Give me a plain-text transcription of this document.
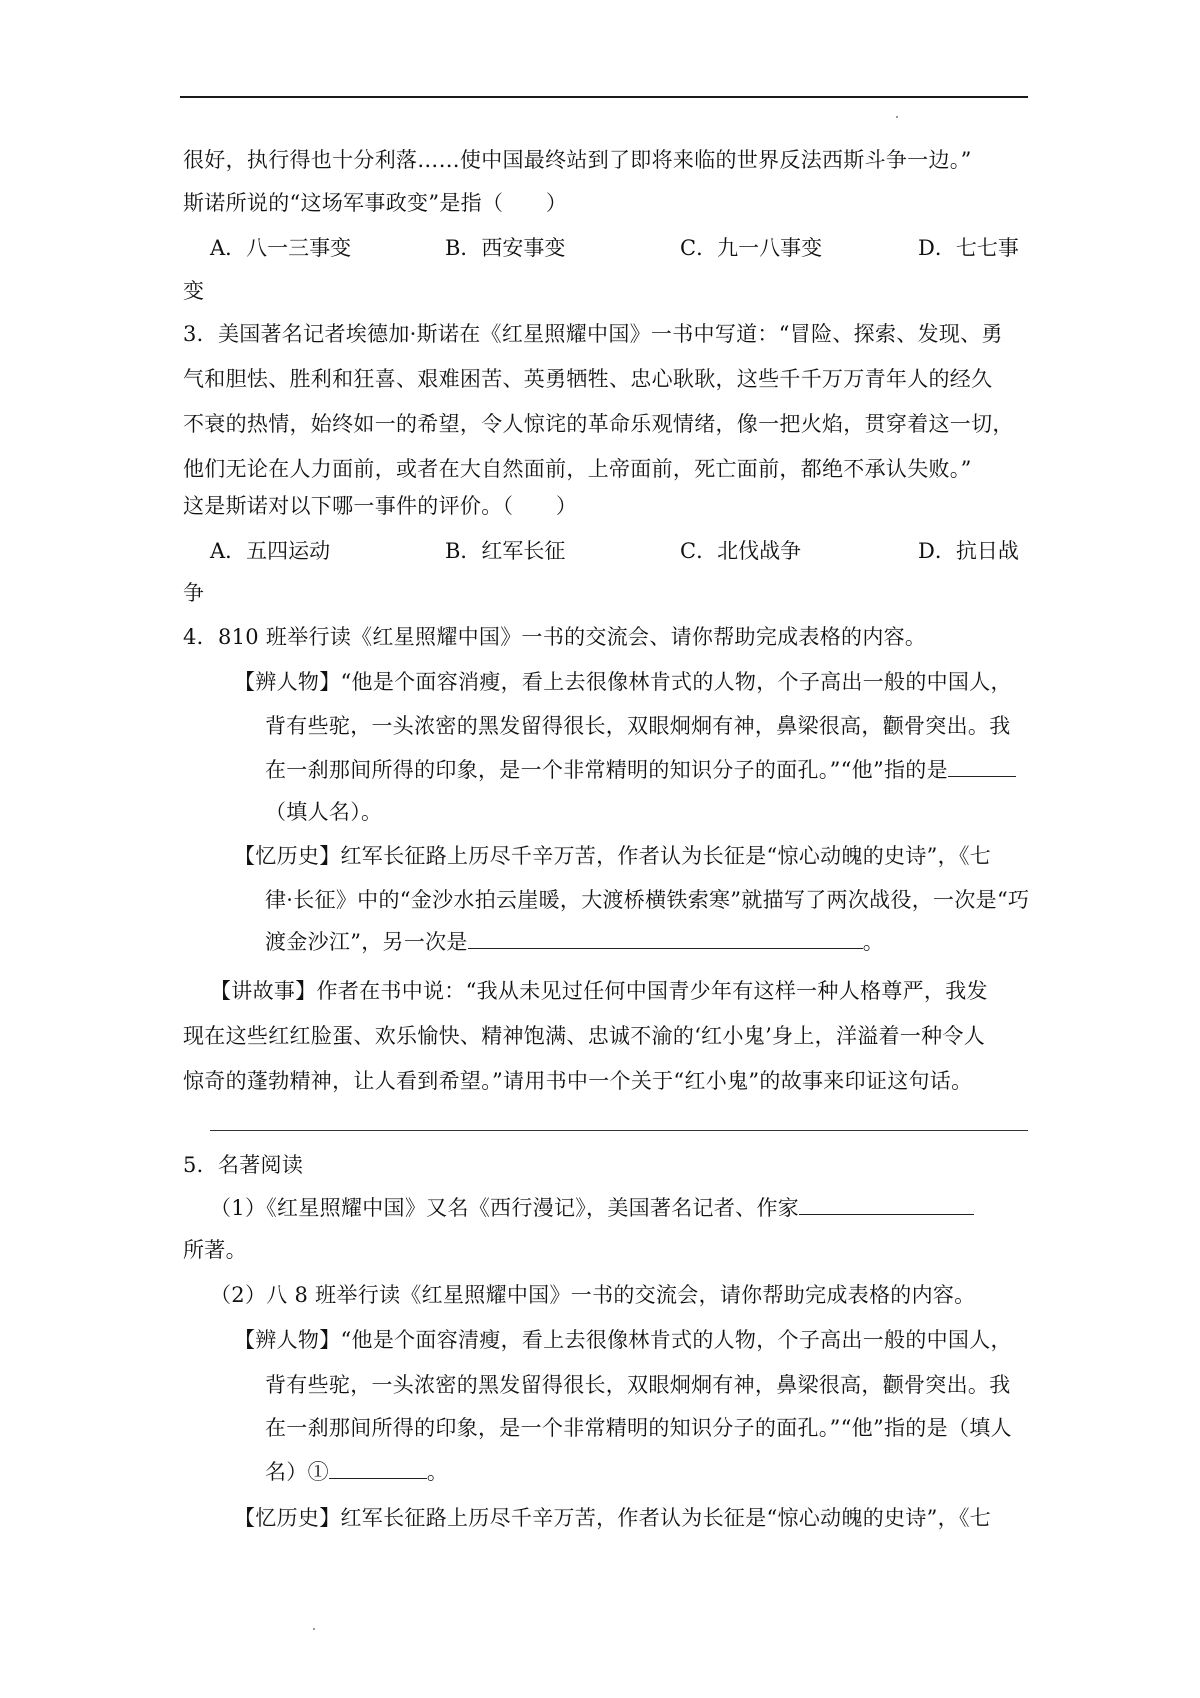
很好，执行得也十分利落……使中国最终站到了即将来临的世界反法西斯斗争一边。”
斯诺所说的“这场军事政变”是指（　　）
A．八一三事变	B．西安事变	C．九一八事变	D．七七事
变
3．美国著名记者埃德加·斯诺在《红星照耀中国》一书中写道：“冒险、探索、发现、勇
气和胆怯、胜利和狂喜、艰难困苦、英勇牺牲、忠心耿耿，这些千千万万青年人的经久
不衰的热情，始终如一的希望，令人惊诧的革命乐观情绪，像一把火焰，贯穿着这一切，
他们无论在人力面前，或者在大自然面前，上帝面前，死亡面前，都绝不承认失败。”
这是斯诺对以下哪一事件的评价。（　　）
A．五四运动	B．红军长征	C．北伐战争	D．抗日战
争
4．810 班举行读《红星照耀中国》一书的交流会、请你帮助完成表格的内容。
【辨人物】“他是个面容消瘦，看上去很像林肯式的人物，个子高出一般的中国人，
背有些驼，一头浓密的黑发留得很长，双眼炯炯有神，鼻梁很高，颧骨突出。我
在一刹那间所得的印象，是一个非常精明的知识分子的面孔。”“他”指的是
（填人名）。
【忆历史】红军长征路上历尽千辛万苦，作者认为长征是“惊心动魄的史诗”，《七
律·长征》中的“金沙水拍云崖暖，大渡桥横铁索寒”就描写了两次战役，一次是“巧
渡金沙江”，另一次是	。
【讲故事】作者在书中说：“我从未见过任何中国青少年有这样一种人格尊严，我发
现在这些红红脸蛋、欢乐愉快、精神饱满、忠诚不渝的‘红小鬼’身上，洋溢着一种令人
惊奇的蓬勃精神，让人看到希望。”请用书中一个关于“红小鬼”的故事来印证这句话。
5．名著阅读
（1）《红星照耀中国》又名《西行漫记》，美国著名记者、作家
所著。
（2）八 8 班举行读《红星照耀中国》一书的交流会，请你帮助完成表格的内容。
【辨人物】“他是个面容清瘦，看上去很像林肯式的人物，个子高出一般的中国人，
背有些驼，一头浓密的黑发留得很长，双眼炯炯有神，鼻梁很高，颧骨突出。我
在一刹那间所得的印象，是一个非常精明的知识分子的面孔。”“他”指的是（填人
名）①	。
【忆历史】红军长征路上历尽千辛万苦，作者认为长征是“惊心动魄的史诗”，《七
